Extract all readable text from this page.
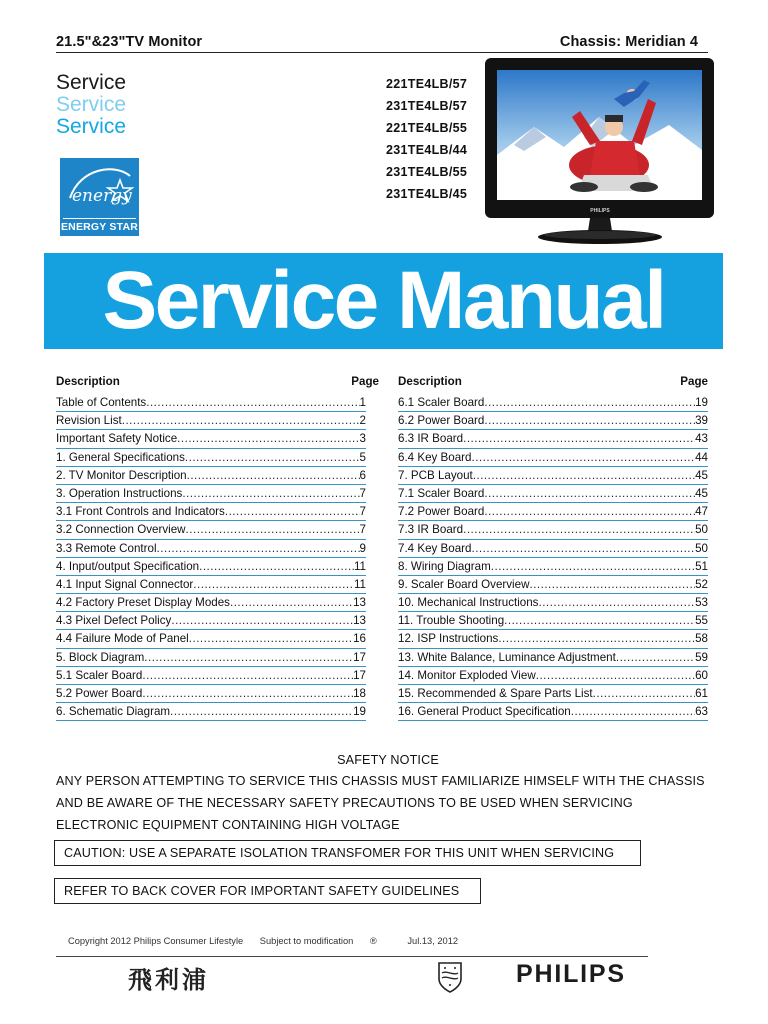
21.5"&23"TV Monitor	Chassis: Meridian 4
Service
Service
Service
energy
ENERGY STAR
221TE4LB/57
231TE4LB/57
221TE4LB/55
231TE4LB/44
231TE4LB/55
231TE4LB/45
PHILIPS
Service Manual
Description	Page
Table of Contents .....	1
Revision List .....	2
Important Safety Notice .....	3
1. General Specifications .....	5
2. TV Monitor Description .....	6
3. Operation Instructions .....	7
3.1 Front Controls and Indicators .....	7
3.2 Connection Overview .....	7
3.3 Remote Control .....	9
4. Input/output Specification .....	11
4.1 Input Signal Connector .....	11
4.2 Factory Preset Display Modes .....	13
4.3 Pixel Defect Policy .....	13
4.4 Failure Mode of Panel .....	16
5. Block Diagram .....	17
5.1 Scaler Board .....	17
5.2 Power Board .....	18
6. Schematic Diagram .....	19
Description	Page
6.1 Scaler Board .....	19
6.2 Power Board .....	39
6.3 IR Board .....	43
6.4 Key Board .....	44
7. PCB Layout .....	45
7.1 Scaler Board .....	45
7.2 Power Board .....	47
7.3 IR Board .....	50
7.4 Key Board .....	50
8. Wiring Diagram .....	51
9. Scaler Board Overview .....	52
10. Mechanical Instructions .....	53
11. Trouble Shooting .....	55
12. ISP Instructions .....	58
13. White Balance, Luminance Adjustment .....	59
14. Monitor Exploded View .....	60
15. Recommended & Spare Parts List .....	61
16. General Product Specification .....	63
SAFETY NOTICE
ANY PERSON ATTEMPTING TO SERVICE THIS CHASSIS MUST FAMILIARIZE HIMSELF WITH THE CHASSIS
AND BE AWARE OF THE NECESSARY SAFETY PRECAUTIONS TO BE USED WHEN SERVICING
ELECTRONIC EQUIPMENT CONTAINING HIGH VOLTAGE
CAUTION: USE A SEPARATE ISOLATION TRANSFOMER FOR THIS UNIT WHEN SERVICING
REFER TO BACK COVER FOR IMPORTANT SAFETY GUIDELINES
Copyright 2012 Philips Consumer Lifestyle Subject to modification ®	Jul.13, 2012
飛利浦	PHILIPS
